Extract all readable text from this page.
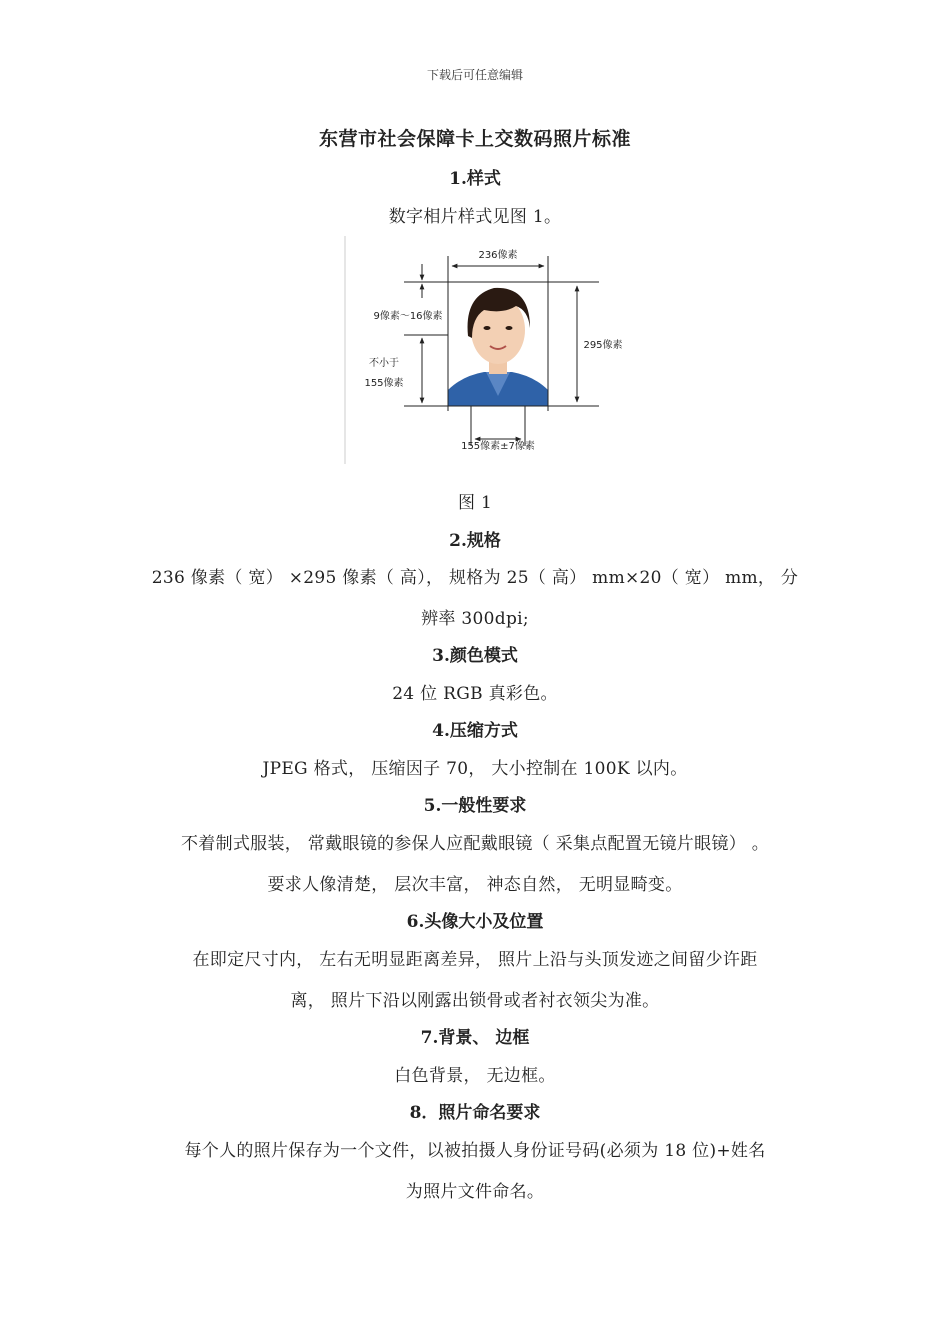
下载后可任意编辑
东营市社会保障卡上交数码照片标准
1.样式
数字相片样式见图 1。
236像素
9像素～16像素
295像素
不小于
155像素
155像素±7像素
图 1
2.规格
236 像素（ 宽） ×295 像素（ 高）， 规格为 25（ 高） mm×20（ 宽） mm， 分
辨率 300dpi;
3.颜色模式
24 位 RGB 真彩色。
4.压缩方式
JPEG 格式， 压缩因子 70， 大小控制在 100K 以内。
5.一般性要求
不着制式服装， 常戴眼镜的参保人应配戴眼镜（ 采集点配置无镜片眼镜） 。
要求人像清楚， 层次丰富， 神态自然， 无明显畸变。
6.头像大小及位置
在即定尺寸内， 左右无明显距离差异， 照片上沿与头顶发迹之间留少许距
离， 照片下沿以刚露出锁骨或者衬衣领尖为准。
7.背景、 边框
白色背景， 无边框。
8．照片命名要求
每个人的照片保存为一个文件，以被拍摄人身份证号码(必须为 18 位)+姓名
为照片文件命名。
